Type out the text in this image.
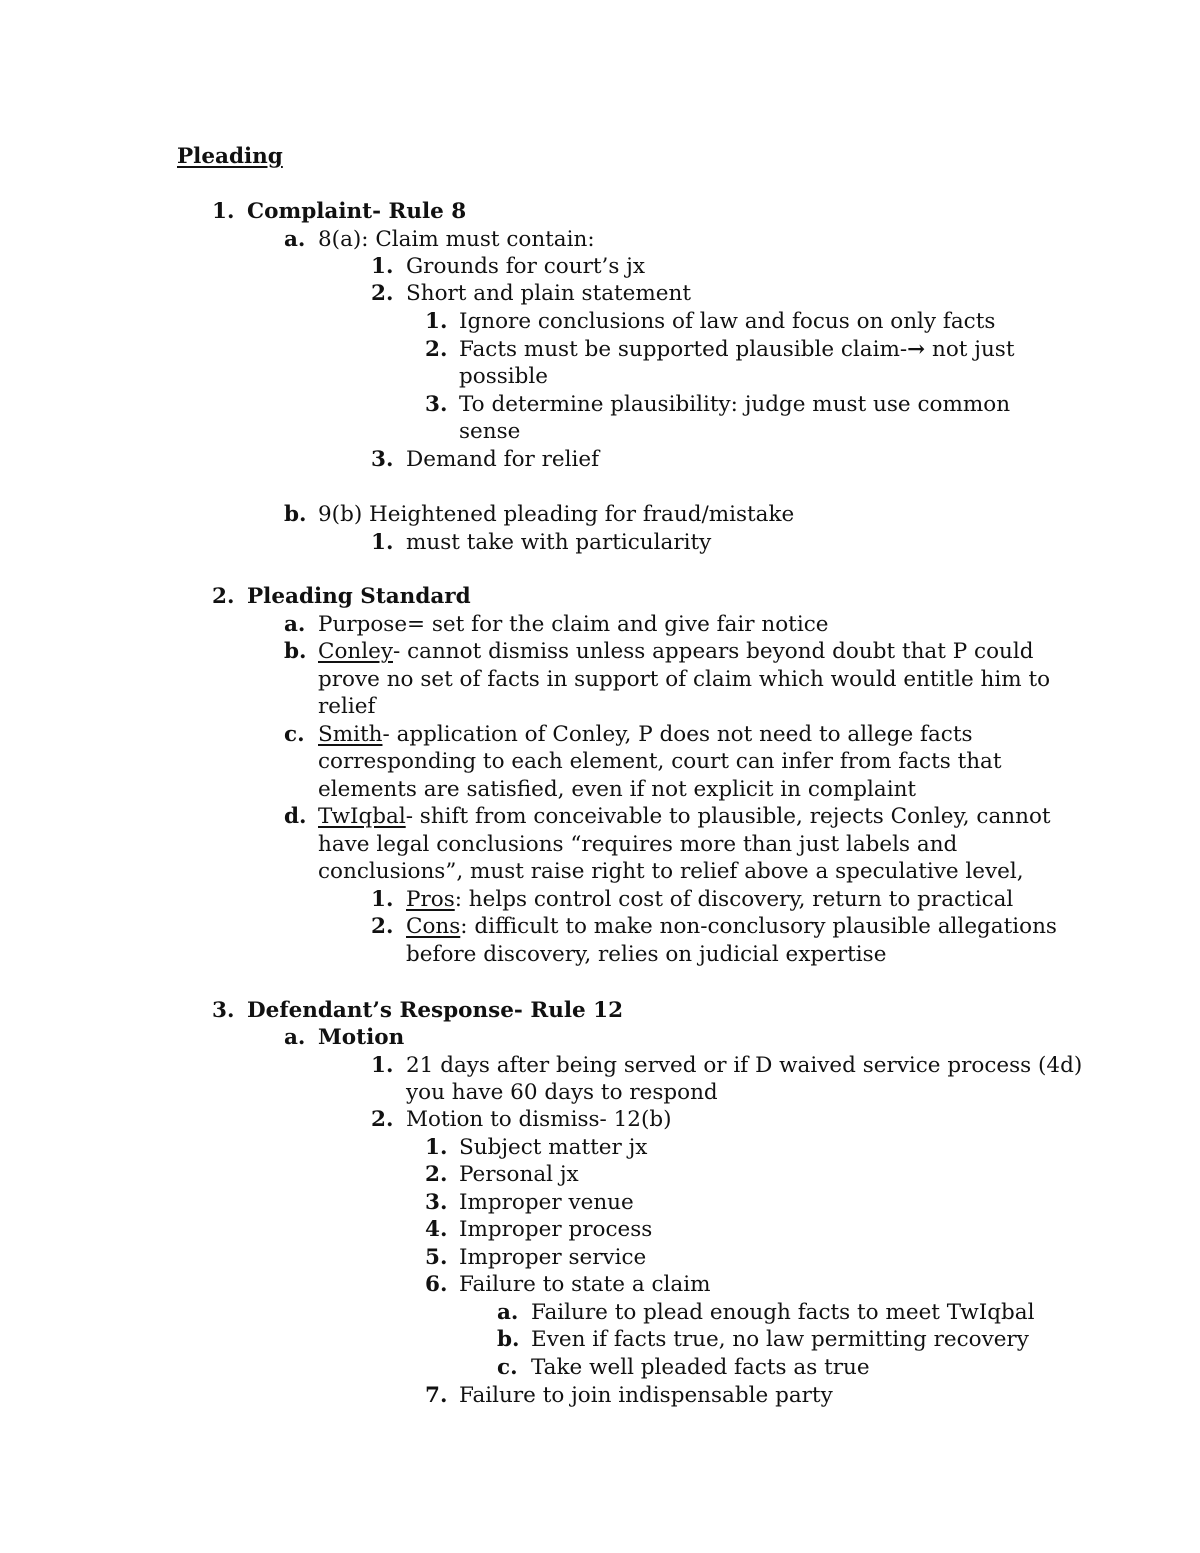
Pleading
1. Complaint- Rule 8
a. 8(a): Claim must contain:
1. Grounds for court’s jx
2. Short and plain statement
1. Ignore conclusions of law and focus on only facts
2. Facts must be supported plausible claim-→ not just
possible
3. To determine plausibility: judge must use common
sense
3. Demand for relief
b. 9(b) Heightened pleading for fraud/mistake
1. must take with particularity
2. Pleading Standard
a. Purpose= set for the claim and give fair notice
b. Conley- cannot dismiss unless appears beyond doubt that P could
prove no set of facts in support of claim which would entitle him to
relief
c. Smith- application of Conley, P does not need to allege facts
corresponding to each element, court can infer from facts that
elements are satisfied, even if not explicit in complaint
d. TwIqbal- shift from conceivable to plausible, rejects Conley, cannot
have legal conclusions “requires more than just labels and
conclusions”, must raise right to relief above a speculative level,
1. Pros: helps control cost of discovery, return to practical
2. Cons: difficult to make non-conclusory plausible allegations
before discovery, relies on judicial expertise
3. Defendant’s Response- Rule 12
a. Motion
1. 21 days after being served or if D waived service process (4d)
you have 60 days to respond
2. Motion to dismiss- 12(b)
1. Subject matter jx
2. Personal jx
3. Improper venue
4. Improper process
5. Improper service
6. Failure to state a claim
a. Failure to plead enough facts to meet TwIqbal
b. Even if facts true, no law permitting recovery
c. Take well pleaded facts as true
7. Failure to join indispensable party
